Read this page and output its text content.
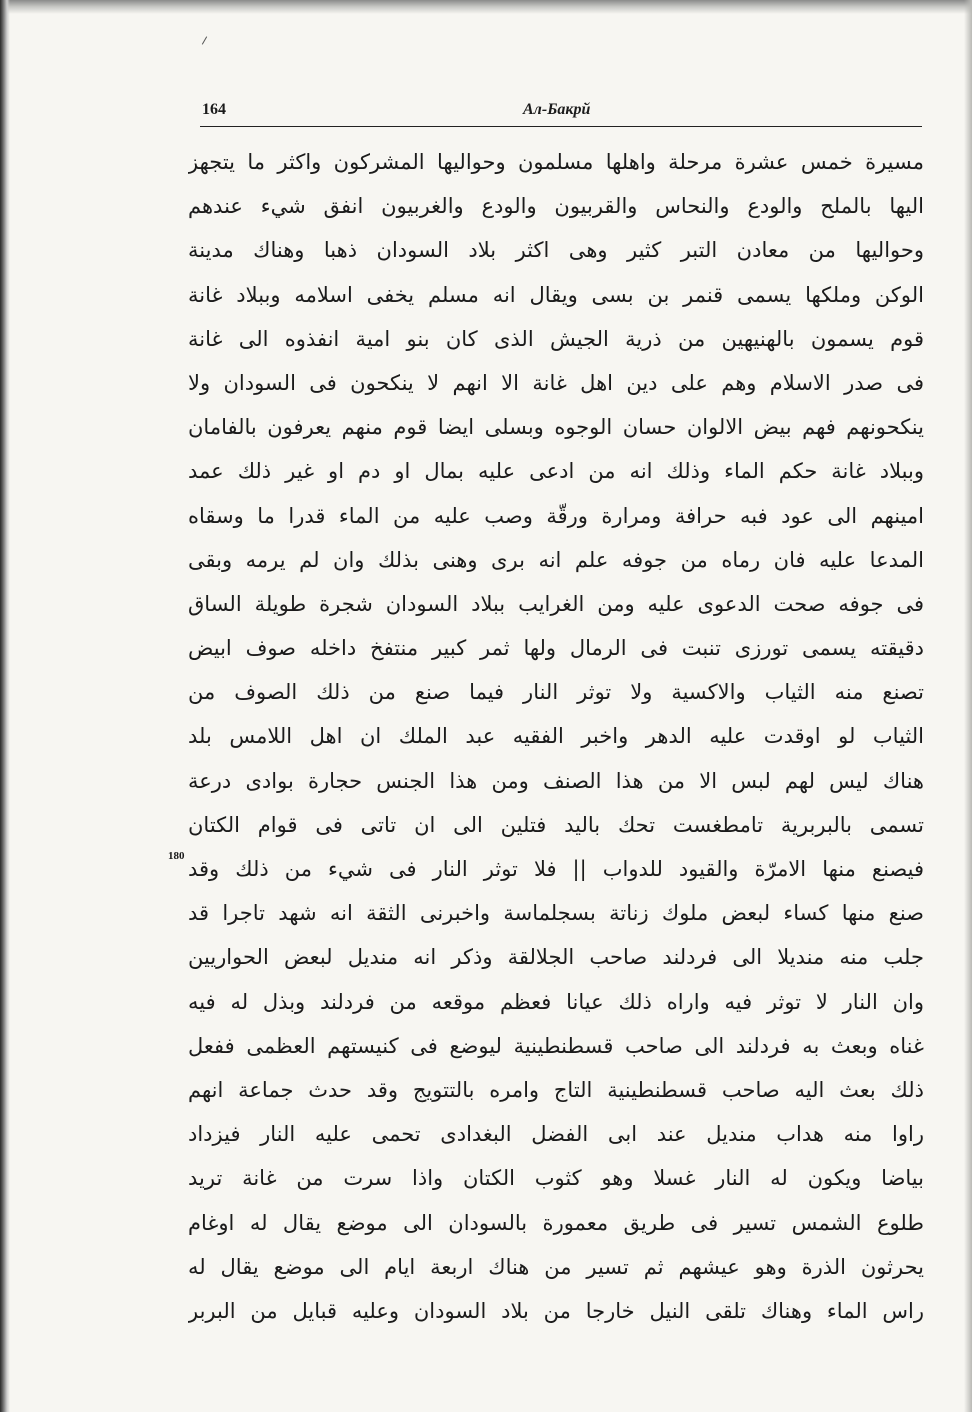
164	Ал-Бакрй
180
مسيرة خمس عشرة مرحلة واهلها مسلمون وحواليها المشركون واكثر ما يتجهز
اليها بالملح والودع والنحاس والقربيون والودع والغربيون انفق شيء عندهم
وحواليها من معادن التبر كثير وهى اكثر بلاد السودان ذهبا وهناك مدينة
الوكن وملكها يسمى قنمر بن بسى ويقال انه مسلم يخفى اسلامه وببلاد غانة
قوم يسمون بالهنيهين من ذرية الجيش الذى كان بنو امية انفذوه الى غانة
فى صدر الاسلام وهم على دين اهل غانة الا انهم لا ينكحون فى السودان ولا
ينكحونهم فهم بيض الالوان حسان الوجوه وبسلى ايضا قوم منهم يعرفون بالفامان
وببلاد غانة حكم الماء وذلك انه من ادعى عليه بمال او دم او غير ذلك عمد
امينهم الى عود فبه حرافة ومرارة ورقّة وصب عليه من الماء قدرا ما وسقاه
المدعا عليه فان رماه من جوفه علم انه برى وهنى بذلك وان لم يرمه وبقى
فى جوفه صحت الدعوى عليه ومن الغرايب ببلاد السودان شجرة طويلة الساق
دقيقته يسمى تورزى تنبت فى الرمال ولها ثمر كبير منتفخ داخله صوف ابيض
تصنع منه الثياب والاكسية ولا توثر النار فيما صنع من ذلك الصوف من
الثياب لو اوقدت عليه الدهر واخبر الفقيه عبد الملك ان اهل اللامس بلد
هناك ليس لهم لبس الا من هذا الصنف ومن هذا الجنس حجارة بوادى درعة
تسمى بالبربرية تامطغست تحك باليد فتلين الى ان تاتى فى قوام الكتان
فيصنع منها الامرّة والقيود للدواب || فلا توثر النار فى شيء من ذلك وقد
صنع منها كساء لبعض ملوك زناتة بسجلماسة واخبرنى الثقة انه شهد تاجرا قد
جلب منه منديلا الى فردلند صاحب الجلالقة وذكر انه منديل لبعض الحواريين
وان النار لا توثر فيه واراه ذلك عيانا فعظم موقعه من فردلند وبذل له فيه
غناه وبعث به فردلند الى صاحب قسطنطينية ليوضع فى كنيستهم العظمى ففعل
ذلك بعث اليه صاحب قسطنطينية التاج وامره بالتتويج وقد حدث جماعة انهم
راوا منه هداب منديل عند ابى الفضل البغدادى تحمى عليه النار فيزداد
بياضا ويكون له النار غسلا وهو كثوب الكتان واذا سرت من غانة تريد
طلوع الشمس تسير فى طريق معمورة بالسودان الى موضع يقال له اوغام
يحرثون الذرة وهو عيشهم ثم تسير من هناك اربعة ايام الى موضع يقال له
راس الماء وهناك تلقى النيل خارجا من بلاد السودان وعليه قبايل من البربر
